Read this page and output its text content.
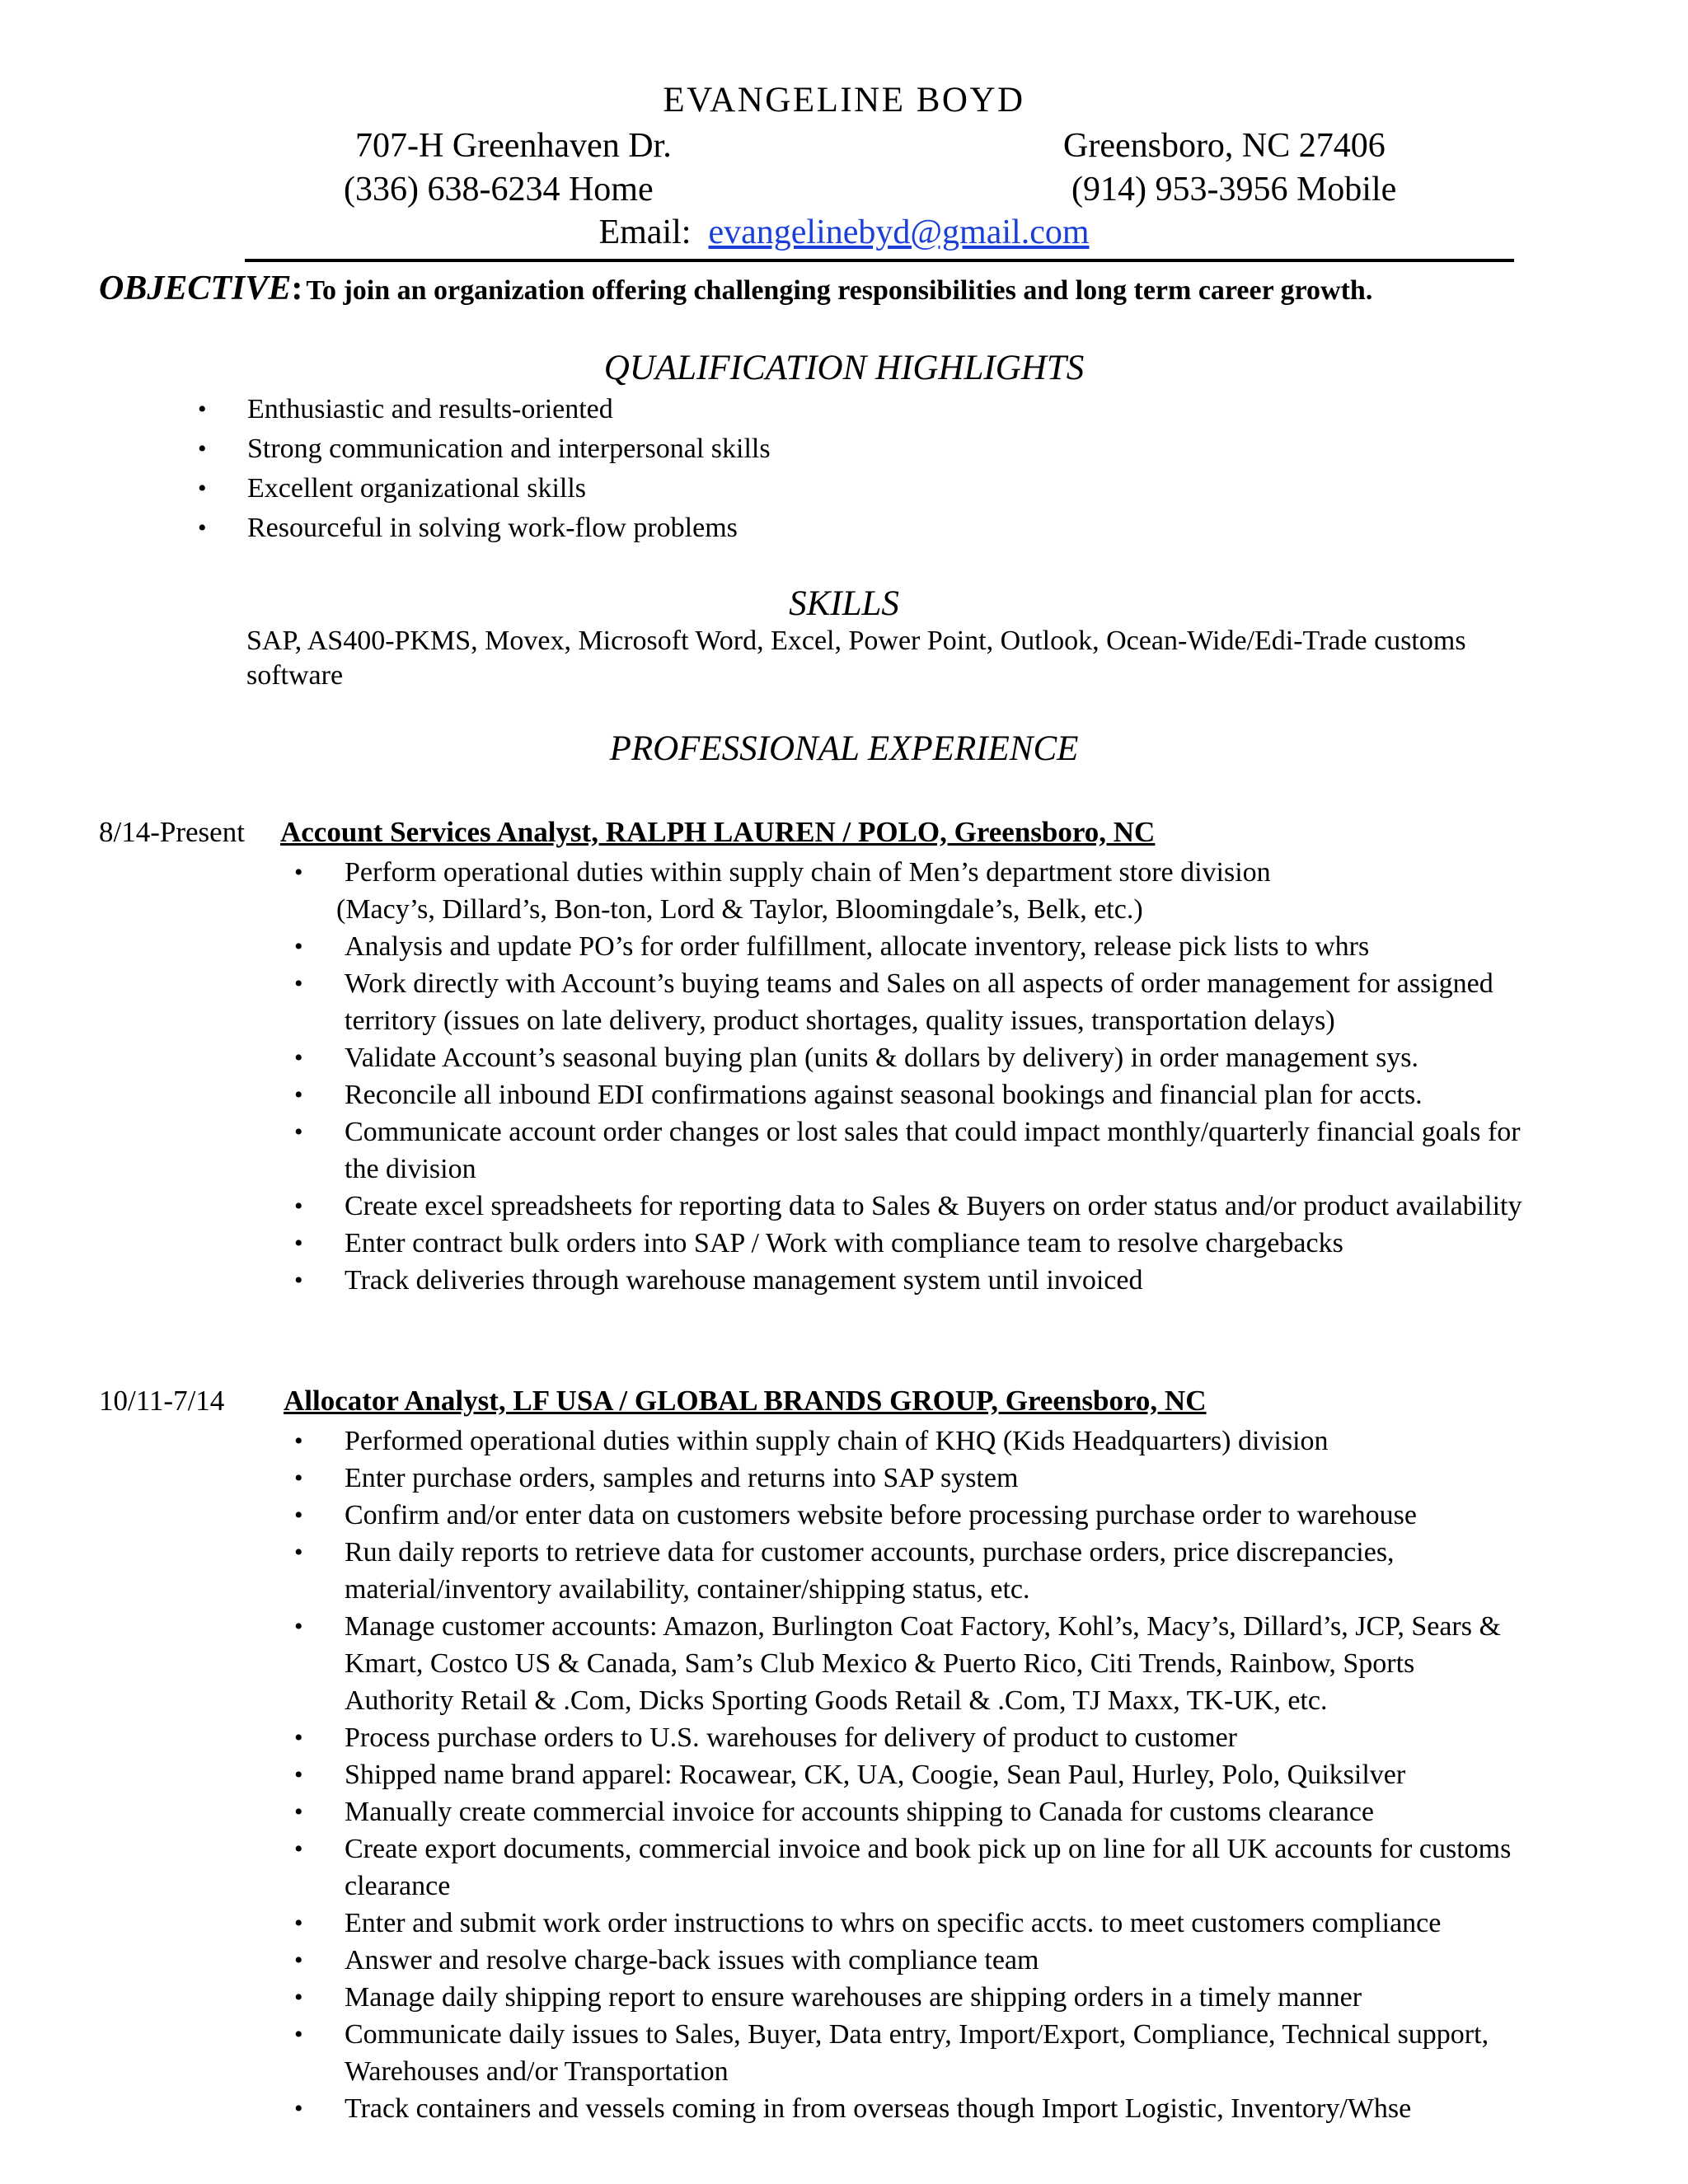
EVANGELINE BOYD
707-H Greenhaven Dr.	Greensboro, NC 27406
(336) 638-6234 Home	(914) 953-3956 Mobile
Email: evangelinebyd@gmail.com
OBJECTIVE: To join an organization offering challenging responsibilities and long term career growth.
QUALIFICATION HIGHLIGHTS
• Enthusiastic and results-oriented
• Strong communication and interpersonal skills
• Excellent organizational skills
• Resourceful in solving work-flow problems
SKILLS
SAP, AS400-PKMS, Movex, Microsoft Word, Excel, Power Point, Outlook, Ocean-Wide/Edi-Trade customs software
PROFESSIONAL EXPERIENCE
8/14-Present Account Services Analyst, RALPH LAUREN / POLO, Greensboro, NC
• Perform operational duties within supply chain of Men’s department store division
(Macy’s, Dillard’s, Bon-ton, Lord & Taylor, Bloomingdale’s, Belk, etc.)
• Analysis and update PO’s for order fulfillment, allocate inventory, release pick lists to whrs
• Work directly with Account’s buying teams and Sales on all aspects of order management for assigned territory (issues on late delivery, product shortages, quality issues, transportation delays)
• Validate Account’s seasonal buying plan (units & dollars by delivery) in order management sys.
• Reconcile all inbound EDI confirmations against seasonal bookings and financial plan for accts.
• Communicate account order changes or lost sales that could impact monthly/quarterly financial goals for the division
• Create excel spreadsheets for reporting data to Sales & Buyers on order status and/or product availability
• Enter contract bulk orders into SAP / Work with compliance team to resolve chargebacks
• Track deliveries through warehouse management system until invoiced
10/11-7/14 Allocator Analyst, LF USA / GLOBAL BRANDS GROUP, Greensboro, NC
• Performed operational duties within supply chain of KHQ (Kids Headquarters) division
• Enter purchase orders, samples and returns into SAP system
• Confirm and/or enter data on customers website before processing purchase order to warehouse
• Run daily reports to retrieve data for customer accounts, purchase orders, price discrepancies, material/inventory availability, container/shipping status, etc.
• Manage customer accounts: Amazon, Burlington Coat Factory, Kohl’s, Macy’s, Dillard’s, JCP, Sears & Kmart, Costco US & Canada, Sam’s Club Mexico & Puerto Rico, Citi Trends, Rainbow, Sports Authority Retail & .Com, Dicks Sporting Goods Retail & .Com, TJ Maxx, TK-UK, etc.
• Process purchase orders to U.S. warehouses for delivery of product to customer
• Shipped name brand apparel: Rocawear, CK, UA, Coogie, Sean Paul, Hurley, Polo, Quiksilver
• Manually create commercial invoice for accounts shipping to Canada for customs clearance
• Create export documents, commercial invoice and book pick up on line for all UK accounts for customs clearance
• Enter and submit work order instructions to whrs on specific accts. to meet customers compliance
• Answer and resolve charge-back issues with compliance team
• Manage daily shipping report to ensure warehouses are shipping orders in a timely manner
• Communicate daily issues to Sales, Buyer, Data entry, Import/Export, Compliance, Technical support, Warehouses and/or Transportation
• Track containers and vessels coming in from overseas though Import Logistic, Inventory/Whse
